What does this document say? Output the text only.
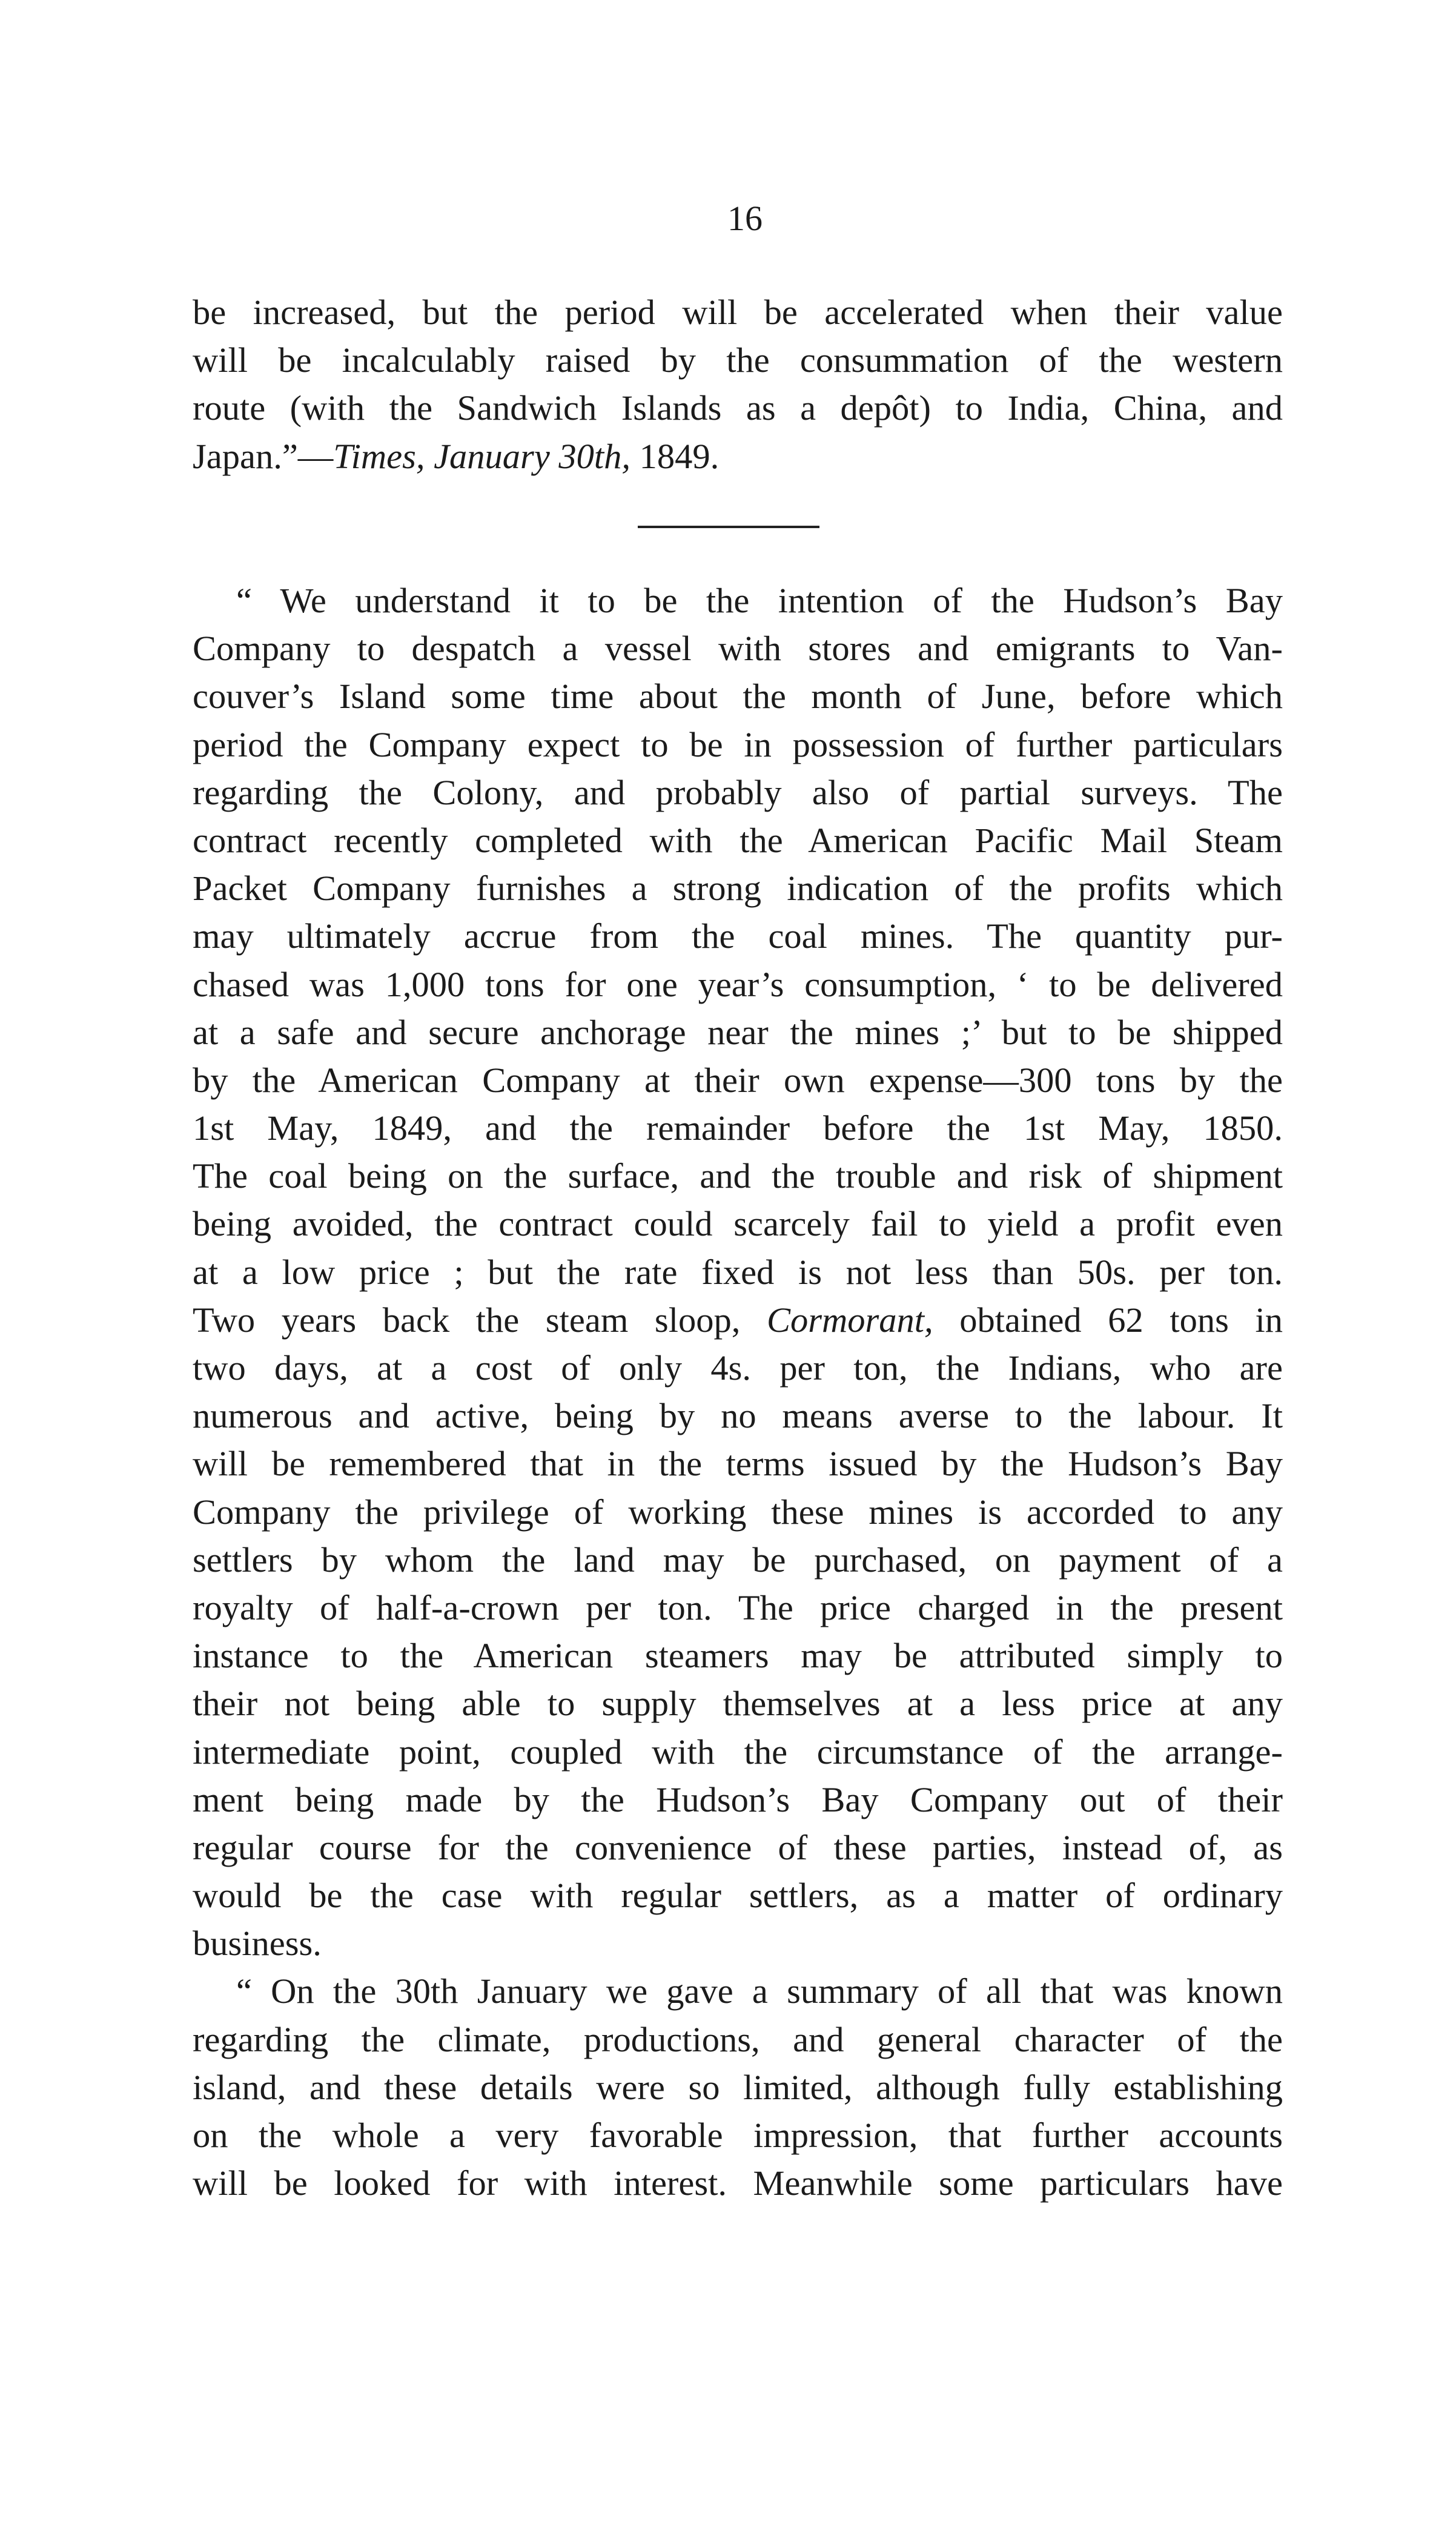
16
be increased, but the period will be accelerated when their value
will be incalculably raised by the consummation of the western
route (with the Sandwich Islands as a depôt) to India, China, and
Japan.”—Times, January 30th, 1849.
“ We understand it to be the intention of the Hudson’s Bay
Company to despatch a vessel with stores and emigrants to Van-
couver’s Island some time about the month of June, before which
period the Company expect to be in possession of further particulars
regarding the Colony, and probably also of partial surveys. The
contract recently completed with the American Pacific Mail Steam
Packet Company furnishes a strong indication of the profits which
may ultimately accrue from the coal mines. The quantity pur-
chased was 1,000 tons for one year’s consumption, ‘ to be delivered
at a safe and secure anchorage near the mines ;’ but to be shipped
by the American Company at their own expense—300 tons by the
1st May, 1849, and the remainder before the 1st May, 1850.
The coal being on the surface, and the trouble and risk of shipment
being avoided, the contract could scarcely fail to yield a profit even
at a low price ; but the rate fixed is not less than 50s. per ton.
Two years back the steam sloop, Cormorant, obtained 62 tons in
two days, at a cost of only 4s. per ton, the Indians, who are
numerous and active, being by no means averse to the labour. It
will be remembered that in the terms issued by the Hudson’s Bay
Company the privilege of working these mines is accorded to any
settlers by whom the land may be purchased, on payment of a
royalty of half-a-crown per ton. The price charged in the present
instance to the American steamers may be attributed simply to
their not being able to supply themselves at a less price at any
intermediate point, coupled with the circumstance of the arrange-
ment being made by the Hudson’s Bay Company out of their
regular course for the convenience of these parties, instead of, as
would be the case with regular settlers, as a matter of ordinary
business.
“ On the 30th January we gave a summary of all that was known
regarding the climate, productions, and general character of the
island, and these details were so limited, although fully establishing
on the whole a very favorable impression, that further accounts
will be looked for with interest. Meanwhile some particulars have
